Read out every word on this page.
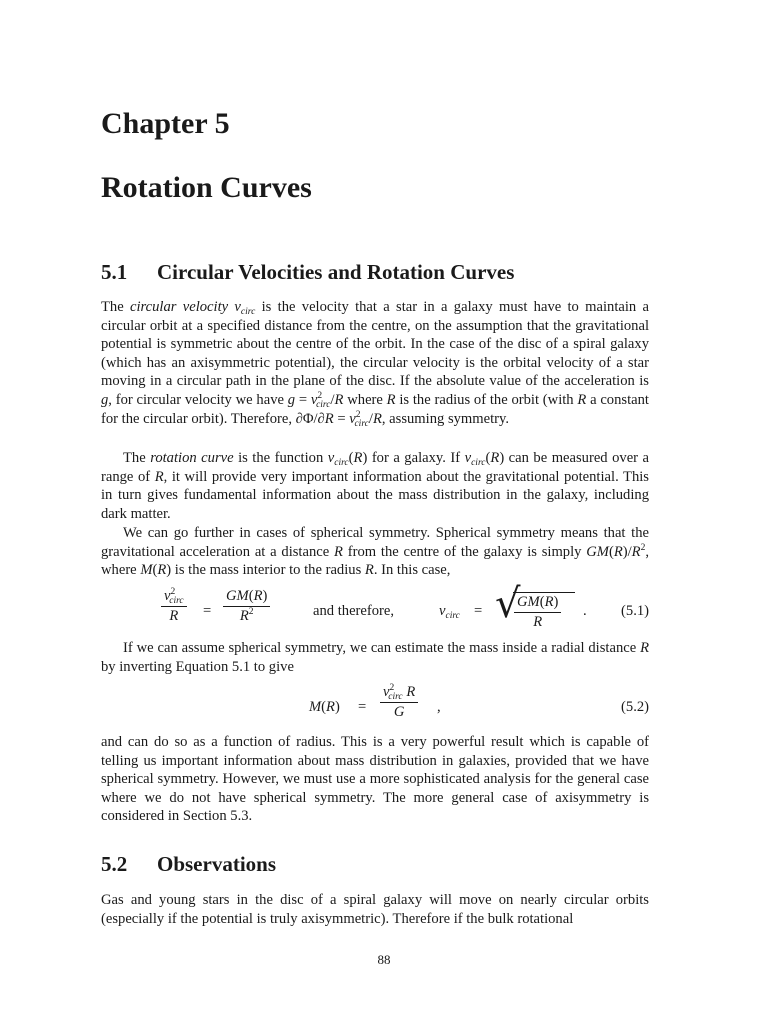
Chapter 5
Rotation Curves
5.1 Circular Velocities and Rotation Curves

The circular velocity $v_{circ}$ is the velocity that a star in a galaxy must have to maintain a circular orbit at a specified distance from the centre, on the assumption that the gravitational potential is symmetric about the centre of the orbit. In the case of the disc of a spiral galaxy (which has an axisymmetric potential), the circular velocity is the orbital velocity of a star moving in a circular path in the plane of the disc. If the absolute value of the acceleration is g, for circular velocity we have $g = v^2_{circ}/R$ where R is the radius of the orbit (with R a constant for the circular orbit). Therefore, $\partial\Phi/\partial R = v^2_{circ}/R$, assuming symmetry.

The rotation curve is the function $v_{circ}(R)$ for a galaxy. If $v_{circ}(R)$ can be measured over a range of R, it will provide very important information about the gravitational potential. This in turn gives fundamental information about the mass distribution in the galaxy, including dark matter.

We can go further in cases of spherical symmetry. Spherical symmetry means that the gravitational acceleration at a distance R from the centre of the galaxy is simply $GM(R)/R^2$, where M(R) is the mass interior to the radius R. In this case,

$v^2_{circ}$
$R = \frac{GM(R)}{R^2}$	and therefore,	$v_{circ}$ = √
$\frac{GM(R)}{R}$ . (5.1)

If we can assume spherical symmetry, we can estimate the mass inside a radial distance R by inverting Equation 5.1 to give

M(R) =
$v^2_{circ}$ R
G ,	(5.2)

and can do so as a function of radius. This is a very powerful result which is capable of telling us important information about mass distribution in galaxies, provided that we have spherical symmetry. However, we must use a more sophisticated analysis for the general case where we do not have spherical symmetry. The more general case of axisymmetry is considered in Section 5.3.

5.2 Observations

Gas and young stars in the disc of a spiral galaxy will move on nearly circular orbits (especially if the potential is truly axisymmetric). Therefore if the bulk rotational

88
